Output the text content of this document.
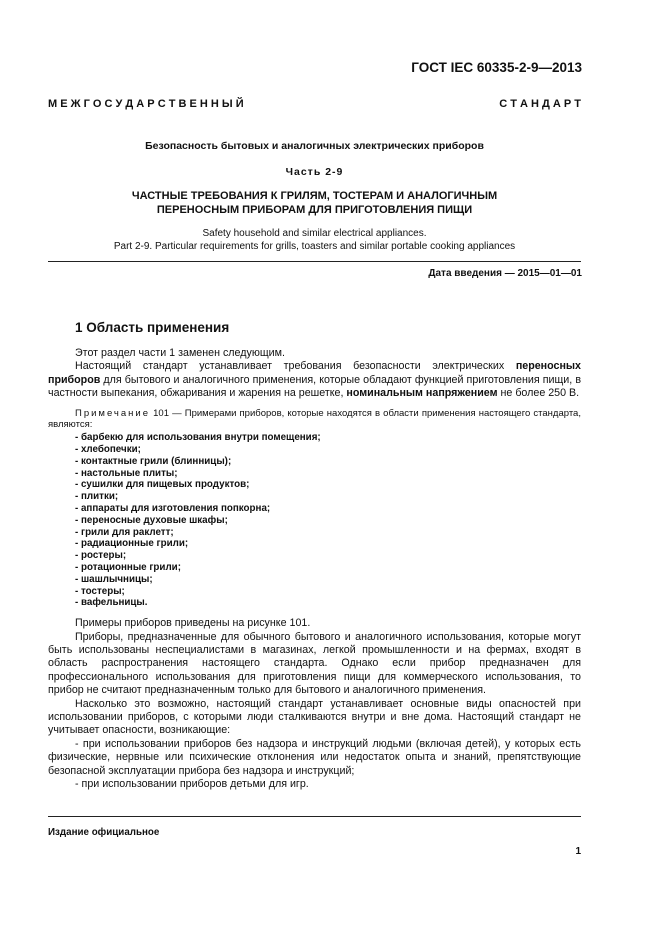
ГОСТ IEC 60335-2-9—2013
М Е Ж Г О С У Д А Р С Т В Е Н Н Ы Й	С Т А Н Д А Р Т
Безопасность бытовых и аналогичных электрических приборов
Часть 2-9
ЧАСТНЫЕ ТРЕБОВАНИЯ К ГРИЛЯМ, ТОСТЕРАМ И АНАЛОГИЧНЫМ
ПЕРЕНОСНЫМ ПРИБОРАМ ДЛЯ ПРИГОТОВЛЕНИЯ ПИЩИ
Safety household and similar electrical appliances.
Part 2-9. Particular requirements for grills, toasters and similar portable cooking appliances
Дата введения — 2015—01—01
1 Область применения

Этот раздел части 1 заменен следующим.

Настоящий стандарт устанавливает требования безопасности электрических переносных приборов для бытового и аналогичного применения, которые обладают функцией приготовления пищи, в частности выпекания, обжаривания и жарения на решетке, номинальным напряжением не более 250 В.

Примечание 101 — Примерами приборов, которые находятся в области применения настоящего стандарта, являются:

- барбекю для использования внутри помещения;
- хлебопечки;
- контактные грили (блинницы);
- настольные плиты;
- сушилки для пищевых продуктов;
- плитки;
- аппараты для изготовления попкорна;
- переносные духовые шкафы;
- грили для раклетт;
- радиационные грили;
- ростеры;
- ротационные грили;
- шашлычницы;
- тостеры;
- вафельницы.

Примеры приборов приведены на рисунке 101.

Приборы, предназначенные для обычного бытового и аналогичного использования, которые могут быть использованы неспециалистами в магазинах, легкой промышленности и на фермах, входят в область распространения настоящего стандарта. Однако если прибор предназначен для профессионального использования для приготовления пищи для коммерческого использования, то прибор не считают предназначенным только для бытового и аналогичного применения.

Насколько это возможно, настоящий стандарт устанавливает основные виды опасностей при использовании приборов, с которыми люди сталкиваются внутри и вне дома. Настоящий стандарт не учитывает опасности, возникающие:

- при использовании приборов без надзора и инструкций людьми (включая детей), у которых есть физические, нервные или психические отклонения или недостаток опыта и знаний, препятствующие безопасной эксплуатации прибора без надзора и инструкций;

- при использовании приборов детьми для игр.

Издание официальное
1
